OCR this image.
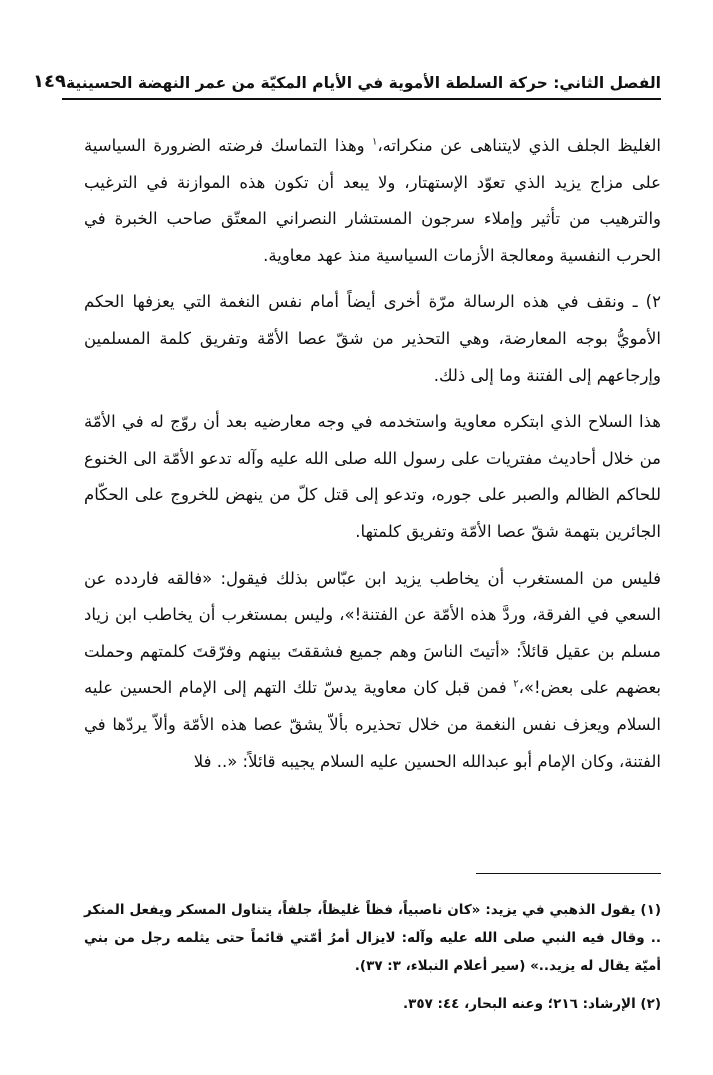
الفصل الثاني: حركة السلطة الأموية في الأيام المكيّة من عمر النهضة الحسينية
١٤٩

الغليظ الجلف الذي لايتناهى عن منكراته،$^١$ وهذا التماسك فرضته الضرورة السياسية على مزاج يزيد الذي تعوّد الإستهتار، ولا يبعد أن تكون هذه الموازنة في الترغيب والترهيب من تأثير وإملاء سرجون المستشار النصراني المعتّق صاحب الخبرة في الحرب النفسية ومعالجة الأزمات السياسية منذ عهد معاوية.

٢) ـ ونقف في هذه الرسالة مرّة أخرى أيضاً أمام نفس النغمة التي يعزفها الحكم الأمويُّ بوجه المعارضة، وهي التحذير من شقّ عصا الأمّة وتفريق كلمة المسلمين وإرجاعهم إلى الفتنة وما إلى ذلك.

هذا السلاح الذي ابتكره معاوية واستخدمه في وجه معارضيه بعد أن روّج له في الأمّة من خلال أحاديث مفتريات على رسول الله صلى الله عليه وآله تدعو الأمّة الى الخنوع للحاكم الظالم والصبر على جوره، وتدعو إلى قتل كلّ من ينهض للخروج على الحكّام الجائرين بتهمة شقّ عصا الأمّة وتفريق كلمتها.

فليس من المستغرب أن يخاطب يزيد ابن عبّاس بذلك فيقول: «فالقه فاردده عن السعي في الفرقة، وردَّ هذه الأمّة عن الفتنة!»، وليس بمستغرب أن يخاطب ابن زياد مسلم بن عقيل قائلاً: «أتيتَ الناسَ وهم جميع فشققتَ بينهم وفرّقتَ كلمتهم وحملت بعضهم على بعض!»،$^٢$ فمن قبل كان معاوية يدسّ تلك التهم إلى الإمام الحسين عليه السلام ويعزف نفس النغمة من خلال تحذيره بألاّ يشقّ عصا هذه الأمّة وألاّ يردّها في الفتنة، وكان الإمام أبو عبدالله الحسين عليه السلام يجيبه قائلاً: «.. فلا

(١) يقول الذهبي في يزيد: «كان ناصبياً، فظاً غليظاً، جلفاً، يتناول المسكر ويفعل المنكر .. وقال فيه النبي صلى الله عليه وآله: لايزال أمرُ أمّتي قائماً حتى يثلمه رجل من بني أميّة يقال له يزيد..» (سير أعلام النبلاء، ٣: ٣٧).

(٢) الإرشاد: ٢١٦؛ وعنه البحار، ٤٤: ٣٥٧.
